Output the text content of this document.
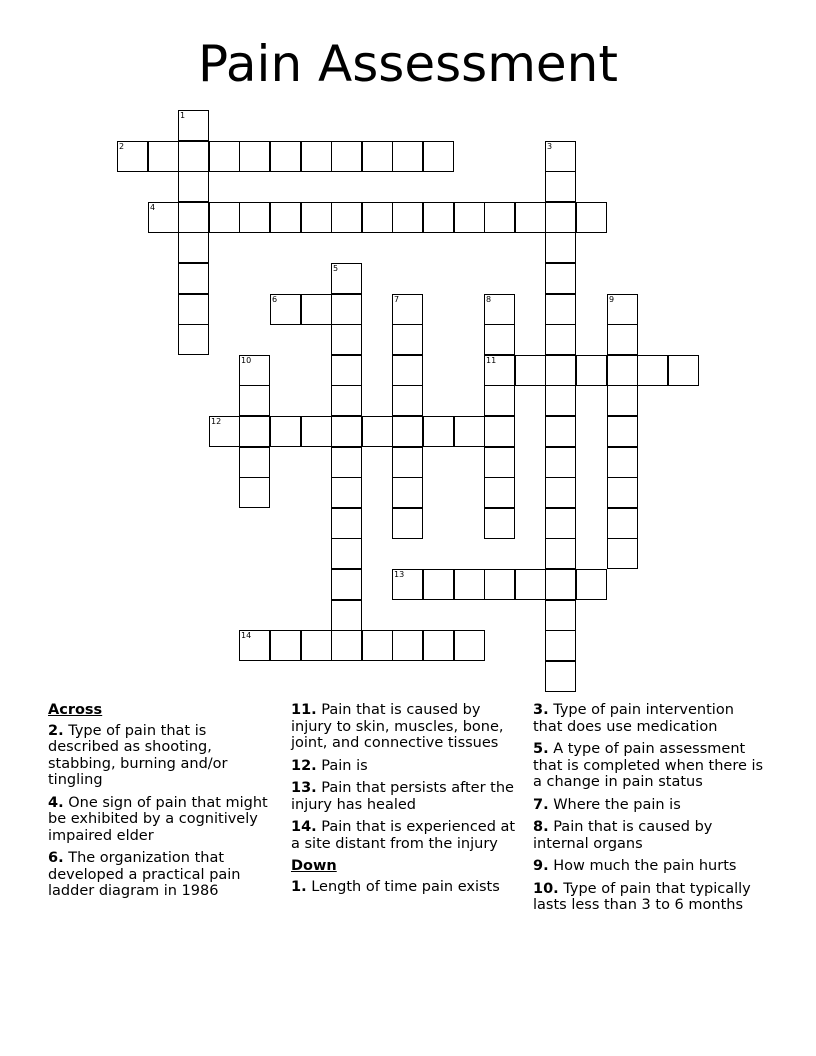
Pain Assessment
1
2	3
4
5
6	7	8
11
9
10
12
13
14
Across
2. Type of pain that is described as shooting, stabbing, burning and/or tingling
4. One sign of pain that might be exhibited by a cognitively impaired elder
6. The organization that developed a practical pain ladder diagram in 1986
11. Pain that is caused by injury to skin, muscles, bone, joint, and connective tissues
12. Pain is
13. Pain that persists after the injury has healed
14. Pain that is experienced at a site distant from the injury
Down
1. Length of time pain exists
3. Type of pain intervention that does use medication
5. A type of pain assessment that is completed when there is a change in pain status
7. Where the pain is
8. Pain that is caused by internal organs
9. How much the pain hurts
10. Type of pain that typically lasts less than 3 to 6 months
